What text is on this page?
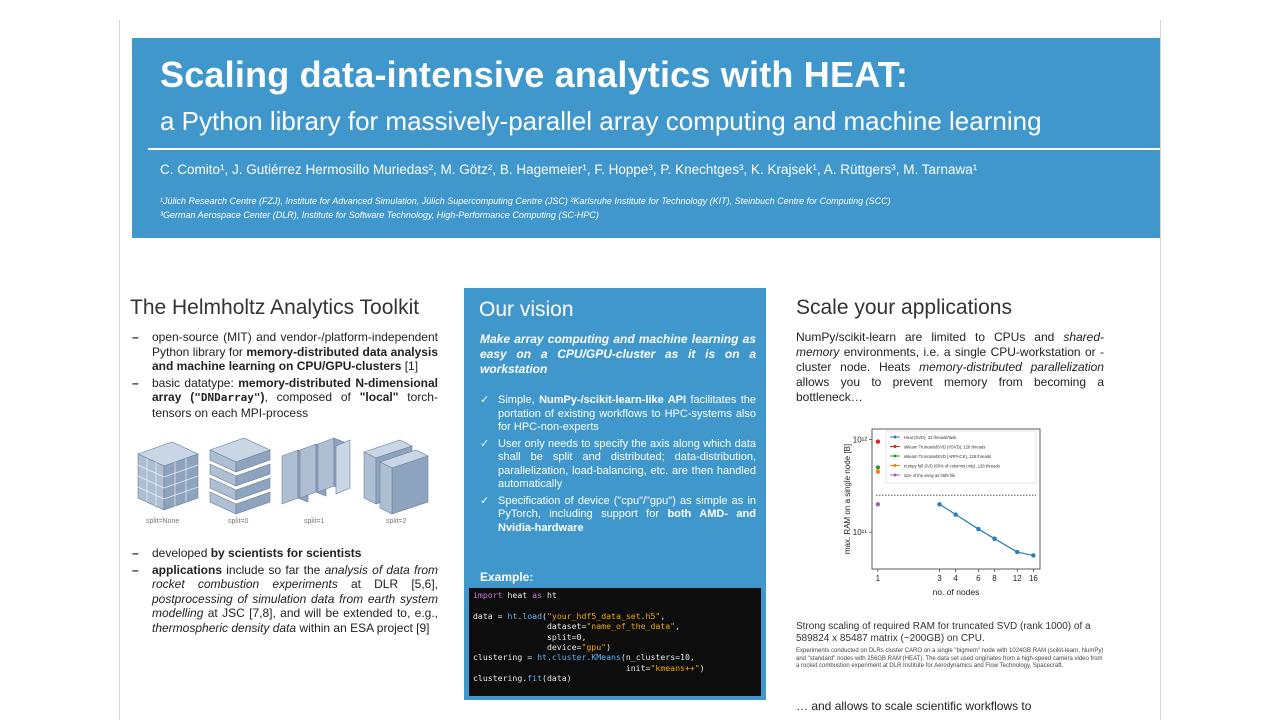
Scaling data-intensive analytics with HEAT:
a Python library for massively-parallel array computing and machine learning
C. Comito¹, J. Gutiérrez Hermosillo Muriedas², M. Götz², B. Hagemeier¹, F. Hoppe³, P. Knechtges³, K. Krajsek¹, A. Rüttgers³, M. Tarnawa¹
¹Jülich Research Centre (FZJ), Institute for Advanced Simulation, Jülich Supercomputing Centre (JSC) ²Karlsruhe Institute for Technology (KIT), Steinbuch Centre for Computing (SCC)
³German Aerospace Center (DLR), Institute for Software Technology, High-Performance Computing (SC-HPC)
The Helmholtz Analytics Toolkit
– open-source (MIT) and vendor-/platform-independent Python library for memory-distributed data analysis and machine learning on CPU/GPU-clusters [1]
– basic datatype: memory-distributed N-dimensional array ("DNDarray"), composed of "local" torch-tensors on each MPI-process
split=None	split=0	split=1	split=2
– developed by scientists for scientists
– applications include so far the analysis of data from rocket combustion experiments at DLR [5,6], postprocessing of simulation data from earth system modelling at JSC [7,8], and will be extended to, e.g., thermospheric density data within an ESA project [9]
Our vision
Make array computing and machine learning as easy on a CPU/GPU-cluster as it is on a workstation
✓ Simple, NumPy-/scikit-learn-like API facilitates the portation of existing workflows to HPC-systems also for HPC-non-experts
✓ User only needs to specify the axis along which data shall be split and distributed; data-distribution, parallelization, load-balancing, etc. are then handled automatically
✓ Specification of device ("cpu"/"gpu") as simple as in PyTorch, including support for both AMD- and Nvidia-hardware
Example:
import heat as ht

data = ht.load("your_hdf5_data_set.h5",
dataset="name_of_the_data",
split=0,
device="gpu")
clustering = ht.cluster.KMeans(n_clusters=10,
init="kmeans++")
clustering.fit(data)
Scale your applications

NumPy/scikit-learn are limited to CPUs and shared-memory environments, i.e. a single CPU-workstation or -cluster node. Heats memory-distributed parallelization allows you to prevent memory from becoming a bottleneck…

1	3 4 6 8 12 16
10¹¹
10¹²
no. of nodes
max. RAM on a single node [B]
Heat (SVD), 32 threads/task
sklearn TruncatedSVD (r/SVD), 128 threads
sklearn TruncatedSVD (ARPACK), 128 threads
numpy full SVD (60% of columns only), 128 threads
size of the array as h5f5 file

Strong scaling of required RAM for truncated SVD (rank 1000) of a 589824 x 85487 matrix (~200GB) on CPU.

Experiments conducted on DLRs cluster CARO on a single "bigmem" node with 1024GB RAM (scikit-learn, NumPy) and "standard" nodes with 256GB RAM (HEAT). The data set used originates from a high-speed camera video from a rocket combustion experiment at DLR Institute for Aerodynamics and Flow Technology, Spacecraft.

… and allows to scale scientific workflows to
